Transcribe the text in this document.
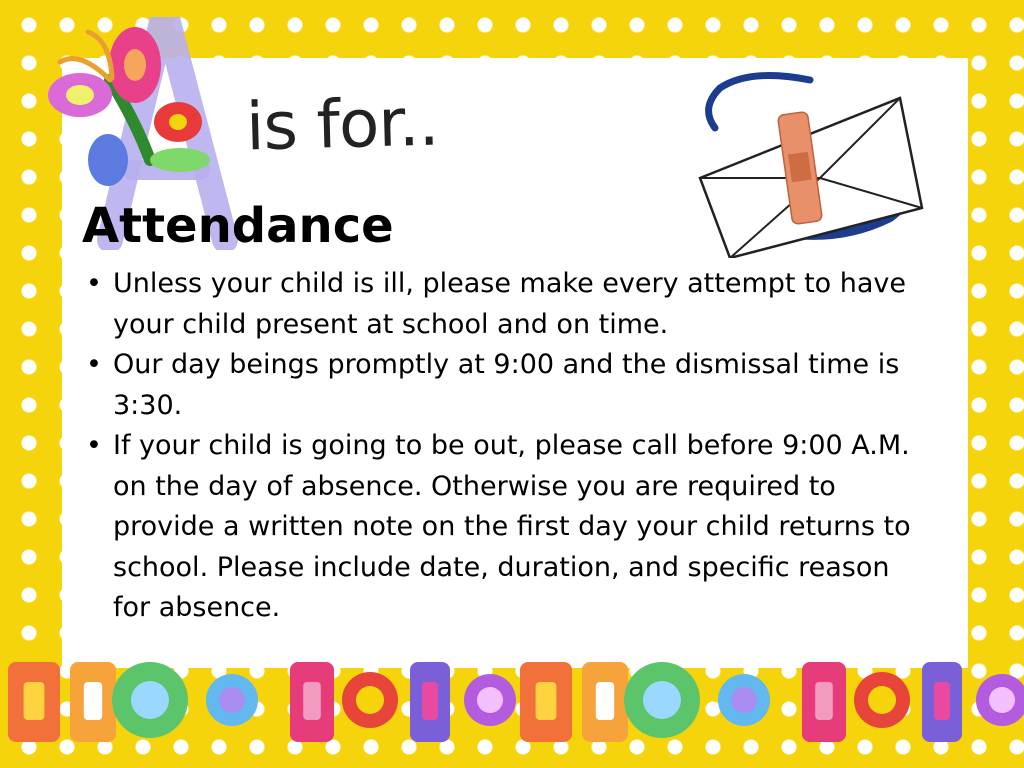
is for..
Attendance
• Unless your child is ill, please make every attempt to have your child present at school and on time.
• Our day beings promptly at 9:00 and the dismissal time is 3:30.
• If your child is going to be out, please call before 9:00 A.M. on the day of absence. Otherwise you are required to provide a written note on the first day your child returns to school. Please include date, duration, and specific reason for absence.
